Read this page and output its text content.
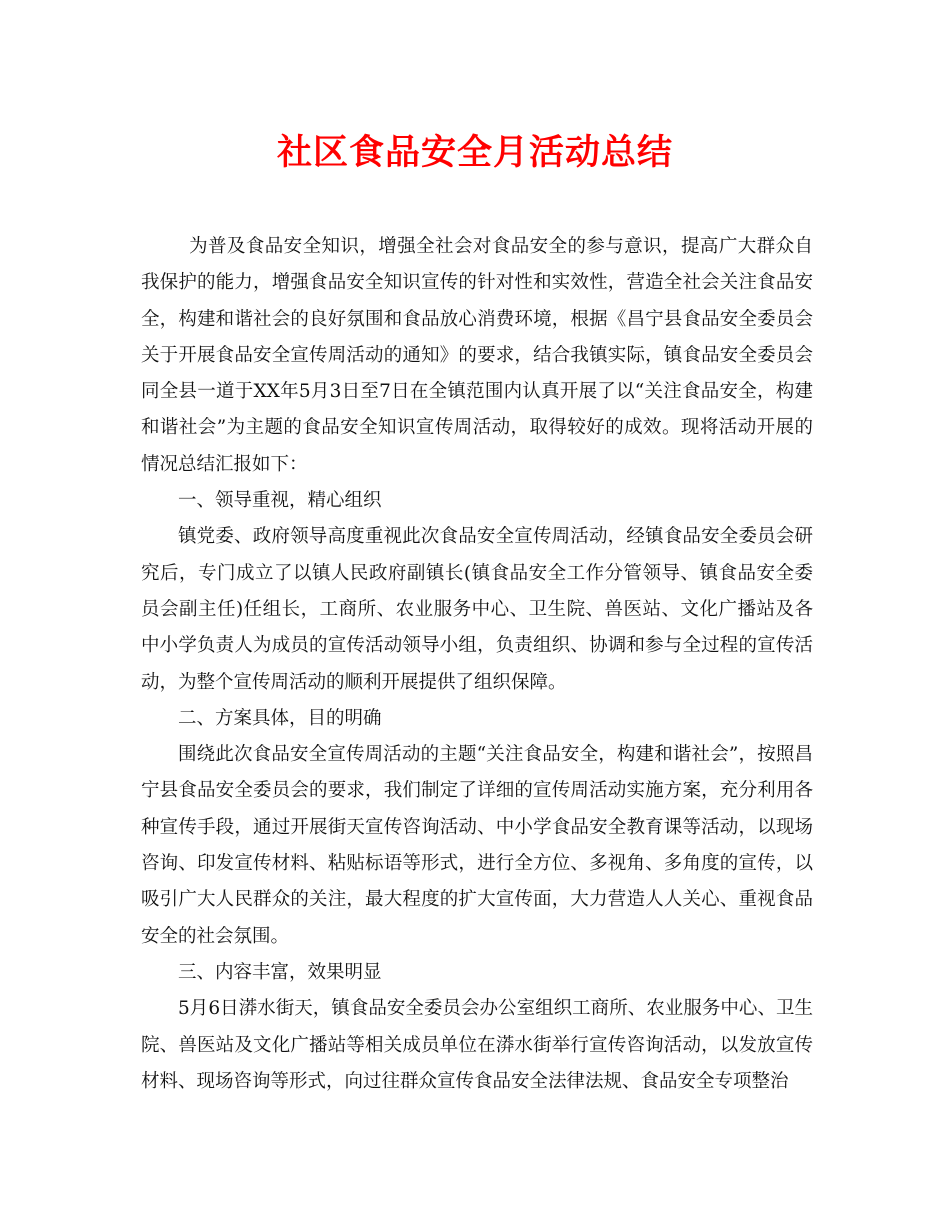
社区食品安全月活动总结

为普及食品安全知识，增强全社会对食品安全的参与意识，提高广大群众自我保护的能力，增强食品安全知识宣传的针对性和实效性，营造全社会关注食品安全，构建和谐社会的良好氛围和食品放心消费环境，根据《昌宁县食品安全委员会关于开展食品安全宣传周活动的通知》的要求，结合我镇实际，镇食品安全委员会同全县一道于XX年5月3日至7日在全镇范围内认真开展了以“关注食品安全，构建和谐社会”为主题的食品安全知识宣传周活动，取得较好的成效。现将活动开展的情况总结汇报如下：

一、领导重视，精心组织

镇党委、政府领导高度重视此次食品安全宣传周活动，经镇食品安全委员会研究后，专门成立了以镇人民政府副镇长(镇食品安全工作分管领导、镇食品安全委员会副主任)任组长，工商所、农业服务中心、卫生院、兽医站、文化广播站及各中小学负责人为成员的宣传活动领导小组，负责组织、协调和参与全过程的宣传活动，为整个宣传周活动的顺利开展提供了组织保障。

二、方案具体，目的明确

围绕此次食品安全宣传周活动的主题“关注食品安全，构建和谐社会”，按照昌宁县食品安全委员会的要求，我们制定了详细的宣传周活动实施方案，充分利用各种宣传手段，通过开展街天宣传咨询活动、中小学食品安全教育课等活动，以现场咨询、印发宣传材料、粘贴标语等形式，进行全方位、多视角、多角度的宣传，以吸引广大人民群众的关注，最大程度的扩大宣传面，大力营造人人关心、重视食品安全的社会氛围。

三、内容丰富，效果明显

5月6日漭水街天，镇食品安全委员会办公室组织工商所、农业服务中心、卫生院、兽医站及文化广播站等相关成员单位在漭水街举行宣传咨询活动，以发放宣传材料、现场咨询等形式，向过往群众宣传食品安全法律法规、食品安全专项整治
